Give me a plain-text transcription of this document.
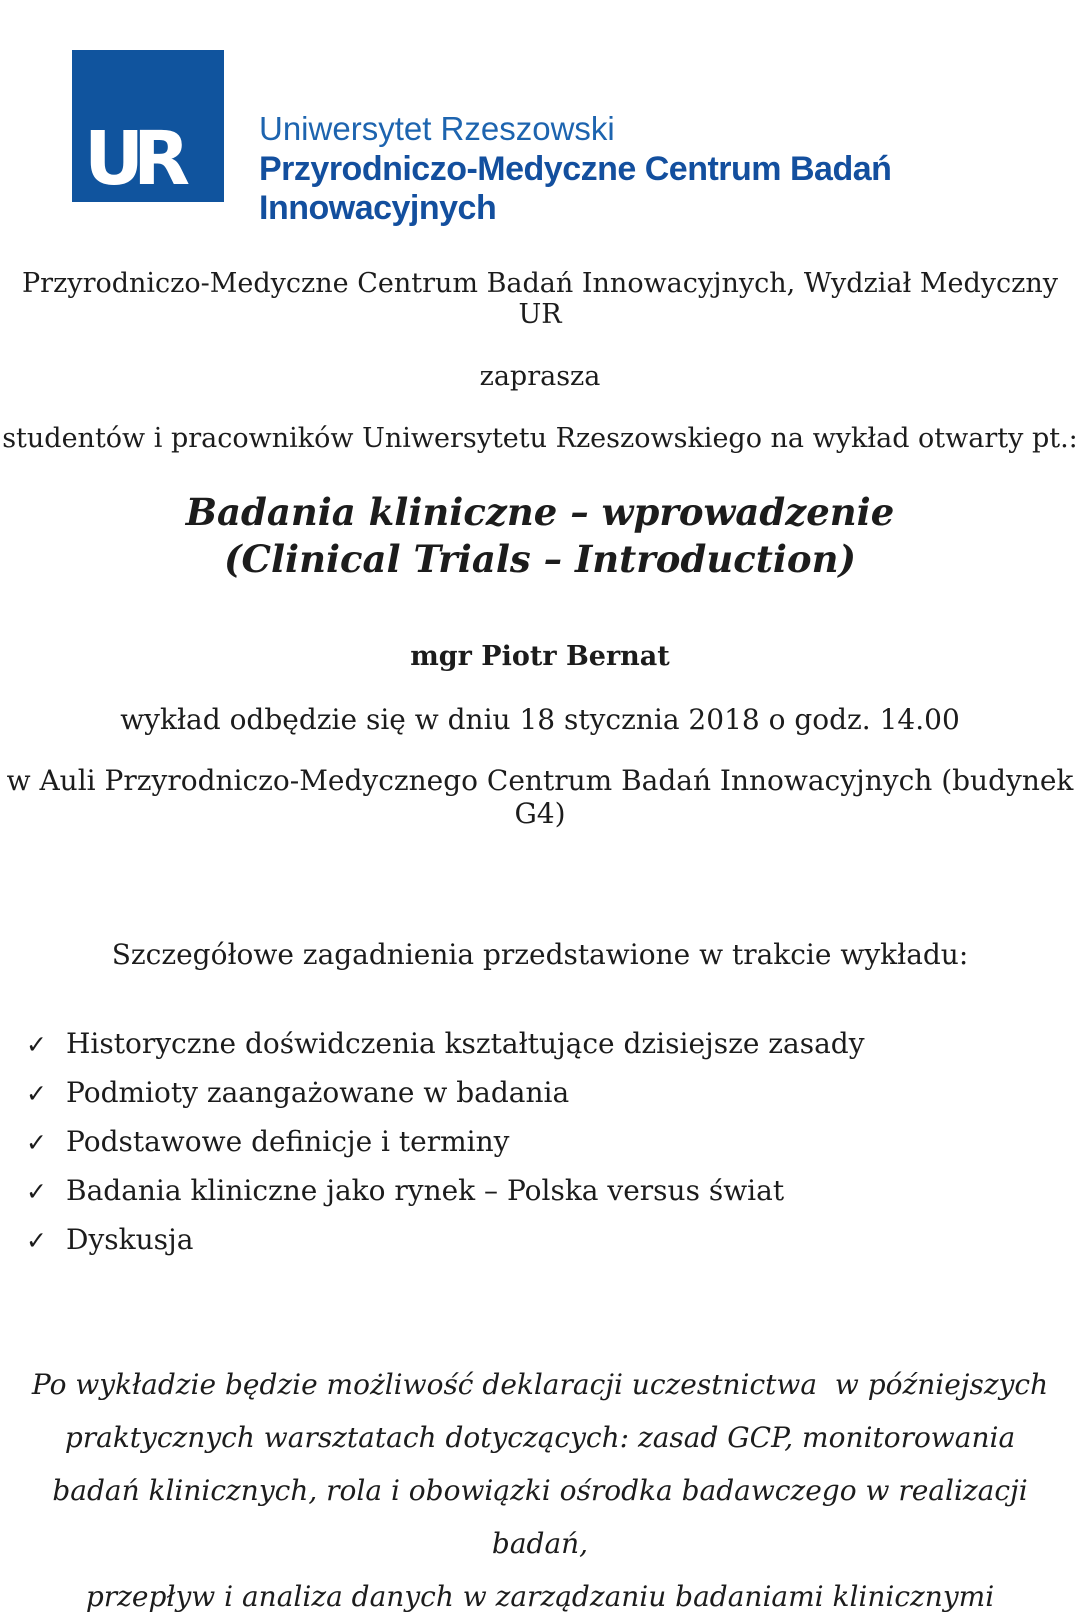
UR Uniwersytet Rzeszowski
Przyrodniczo-Medyczne Centrum Badań Innowacyjnych

Przyrodniczo-Medyczne Centrum Badań Innowacyjnych, Wydział Medyczny UR

zaprasza

studentów i pracowników Uniwersytetu Rzeszowskiego na wykład otwarty pt.:

Badania kliniczne – wprowadzenie
(Clinical Trials – Introduction)

mgr Piotr Bernat

wykład odbędzie się w dniu 18 stycznia 2018 o godz. 14.00

w Auli Przyrodniczo-Medycznego Centrum Badań Innowacyjnych (budynek G4)

Szczegółowe zagadnienia przedstawione w trakcie wykładu:

✓ Historyczne doświdczenia kształtujące dzisiejsze zasady
✓ Podmioty zaangażowane w badania
✓ Podstawowe definicje i terminy
✓ Badania kliniczne jako rynek – Polska versus świat
✓ Dyskusja
Po wykładzie będzie możliwość deklaracji uczestnictwa  w późniejszych
praktycznych warsztatach dotyczących: zasad GCP, monitorowania
badań klinicznych, rola i obowiązki ośrodka badawczego w realizacji badań,
przepływ i analiza danych w zarządzaniu badaniami klinicznymi
